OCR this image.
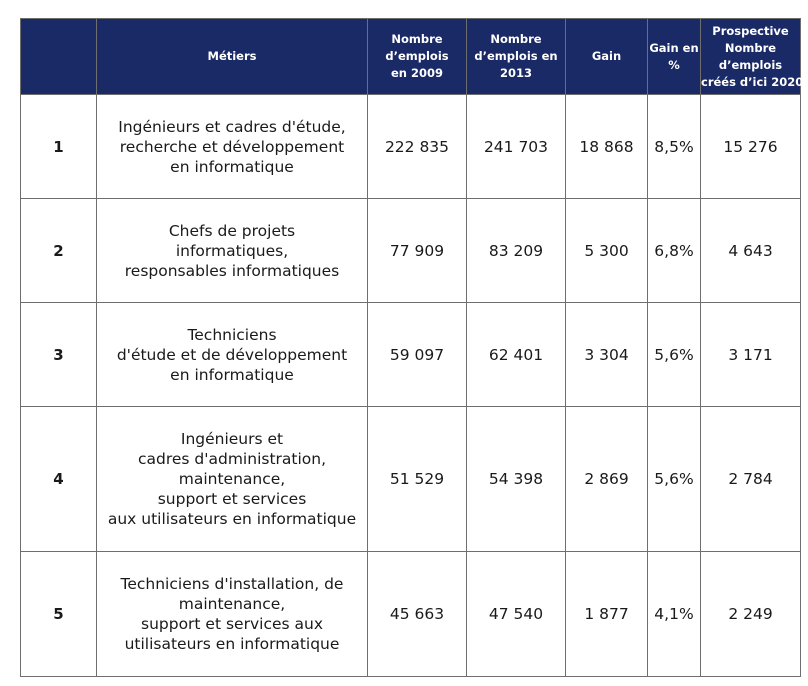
	Métiers	Nombre
d’emplois
en 2009	Nombre
d’emplois en
2013	Gain	Gain en
%	Prospective
Nombre
d’emplois
créés d’ici 2020

1	Ingénieurs et cadres d'étude,
recherche et développement
en informatique	222 835	241 703	18 868	8,5%	15 276
2	Chefs de projets
informatiques,
responsables informatiques	77 909	83 209	5 300	6,8%	4 643
3	Techniciens
d'étude et de développement
en informatique	59 097	62 401	3 304	5,6%	3 171
4	Ingénieurs et
cadres d'administration,
maintenance,
support et services
aux utilisateurs en informatique	51 529	54 398	2 869	5,6%	2 784
5	Techniciens d'installation, de
maintenance,
support et services aux
utilisateurs en informatique	45 663	47 540	1 877	4,1%	2 249
